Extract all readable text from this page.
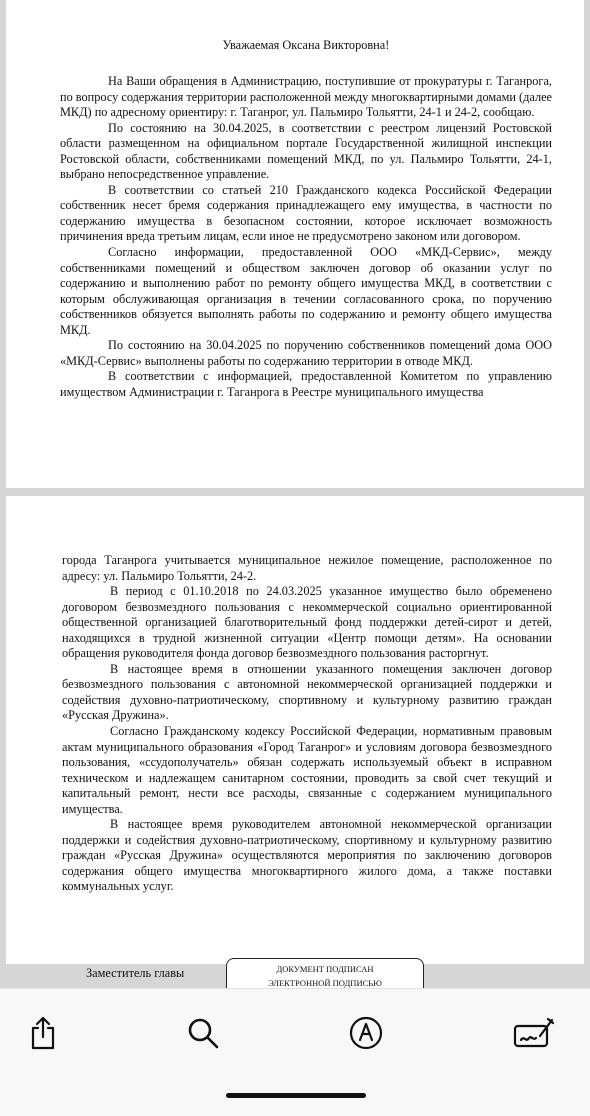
Уважаемая Оксана Викторовна!

На Ваши обращения в Администрацию, поступившие от прокуратуры г. Таганрога, по вопросу содержания территории расположенной между многоквартирными домами (далее МКД) по адресному ориентиру: г. Таганрог, ул. Пальмиро Тольятти, 24-1 и 24-2, сообщаю.

По состоянию на 30.04.2025, в соответствии с реестром лицензий Ростовской области размещенном на официальном портале Государственной жилищной инспекции Ростовской области, собственниками помещений МКД, по ул. Пальмиро Тольятти, 24-1, выбрано непосредственное управление.

В соответствии со статьей 210 Гражданского кодекса Российской Федерации собственник несет бремя содержания принадлежащего ему имущества, в частности по содержанию имущества в безопасном состоянии, которое исключает возможность причинения вреда третьим лицам, если иное не предусмотрено законом или договором.

Согласно информации, предоставленной ООО «МКД-Сервис», между собственниками помещений и обществом заключен договор об оказании услуг по содержанию и выполнению работ по ремонту общего имущества МКД, в соответствии с которым обслуживающая организация в течении согласованного срока, по поручению собственников обязуется выполнять работы по содержанию и ремонту общего имущества МКД.

По состоянию на 30.04.2025 по поручению собственников помещений дома ООО «МКД-Сервис» выполнены работы по содержанию территории в отводе МКД.

В соответствии с информацией, предоставленной Комитетом по управлению имуществом Администрации г. Таганрога в Реестре муниципального имущества

города Таганрога учитывается муниципальное нежилое помещение, расположенное по адресу: ул. Пальмиро Тольятти, 24-2.

В период с 01.10.2018 по 24.03.2025 указанное имущество было обременено договором безвозмездного пользования с некоммерческой социально ориентированной общественной организацией благотворительный фонд поддержки детей-сирот и детей, находящихся в трудной жизненной ситуации «Центр помощи детям». На основании обращения руководителя фонда договор безвозмездного пользования расторгнут.

В настоящее время в отношении указанного помещения заключен договор безвозмездного пользования с автономной некоммерческой организацией поддержки и содействия духовно-патриотическому, спортивному и культурному развитию граждан «Русская Дружина».

Согласно Гражданскому кодексу Российской Федерации, нормативным правовым актам муниципального образования «Город Таганрог» и условиям договора безвозмездного пользования, «ссудополучатель» обязан содержать используемый объект в исправном техническом и надлежащем санитарном состоянии, проводить за свой счет текущий и капитальный ремонт, нести все расходы, связанные с содержанием муниципального имущества.

В настоящее время руководителем автономной некоммерческой организации поддержки и содействия духовно-патриотическому, спортивному и культурному развитию граждан «Русская Дружина» осуществляются мероприятия по заключению договоров содержания общего имущества многоквартирного жилого дома, а также поставки коммунальных услуг.

Заместитель главы	ДОКУМЕНТ ПОДПИСАН
ЭЛЕКТРОННОЙ ПОДПИСЬЮ
